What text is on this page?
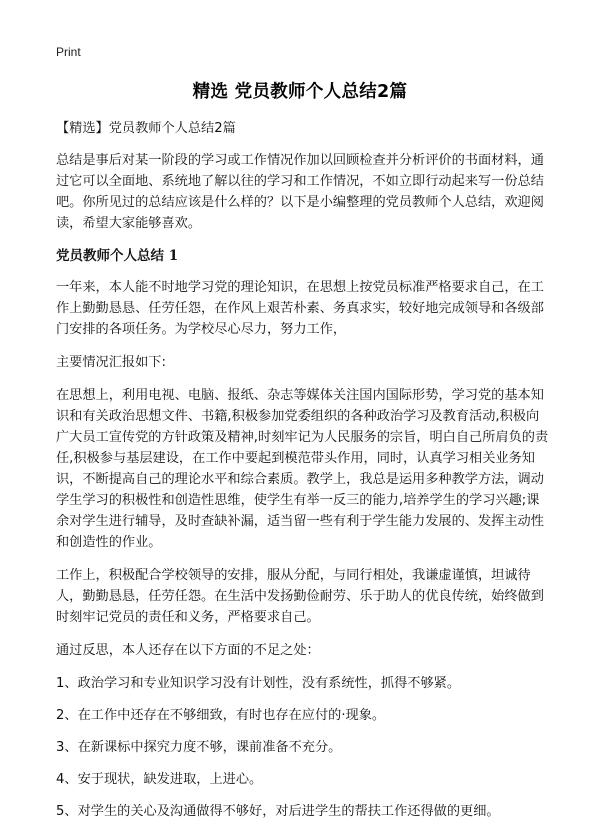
Print
精选 党员教师个人总结2篇

【精选】党员教师个人总结2篇

总结是事后对某一阶段的学习或工作情况作加以回顾检查并分析评价的书面材料，通过它可以全面地、系统地了解以往的学习和工作情况，不如立即行动起来写一份总结吧。你所见过的总结应该是什么样的？以下是小编整理的党员教师个人总结，欢迎阅读，希望大家能够喜欢。

党员教师个人总结 1

一年来，本人能不时地学习党的理论知识，在思想上按党员标准严格要求自己，在工作上勤勤恳恳、任劳任怨，在作风上艰苦朴素、务真求实，较好地完成领导和各级部门安排的各项任务。为学校尽心尽力，努力工作，

主要情况汇报如下:

在思想上，利用电视、电脑、报纸、杂志等媒体关注国内国际形势，学习党的基本知识和有关政治思想文件、书籍,积极参加党委组织的各种政治学习及教育活动,积极向广大员工宣传党的方针政策及精神,时刻牢记为人民服务的宗旨，明白自己所肩负的责任,积极参与基层建设，在工作中要起到模范带头作用，同时，认真学习相关业务知识，不断提高自己的理论水平和综合素质。教学上，我总是运用多种教学方法，调动学生学习的积极性和创造性思维，使学生有举一反三的能力,培养学生的学习兴趣;课余对学生进行辅导，及时查缺补漏，适当留一些有利于学生能力发展的、发挥主动性和创造性的作业。

工作上，积极配合学校领导的安排，服从分配，与同行相处，我谦虚谨慎，坦诚待人，勤勤恳恳，任劳任怨。在生活中发扬勤俭耐劳、乐于助人的优良传统，始终做到时刻牢记党员的责任和义务，严格要求自己。

通过反思，本人还存在以下方面的不足之处：

1、政治学习和专业知识学习没有计划性，没有系统性，抓得不够紧。

2、在工作中还存在不够细致，有时也存在应付的·现象。

3、在新课标中探究力度不够，课前准备不充分。

4、安于现状，缺发进取，上进心。

5、对学生的关心及沟通做得不够好，对后进学生的帮扶工作还得做的更细。
